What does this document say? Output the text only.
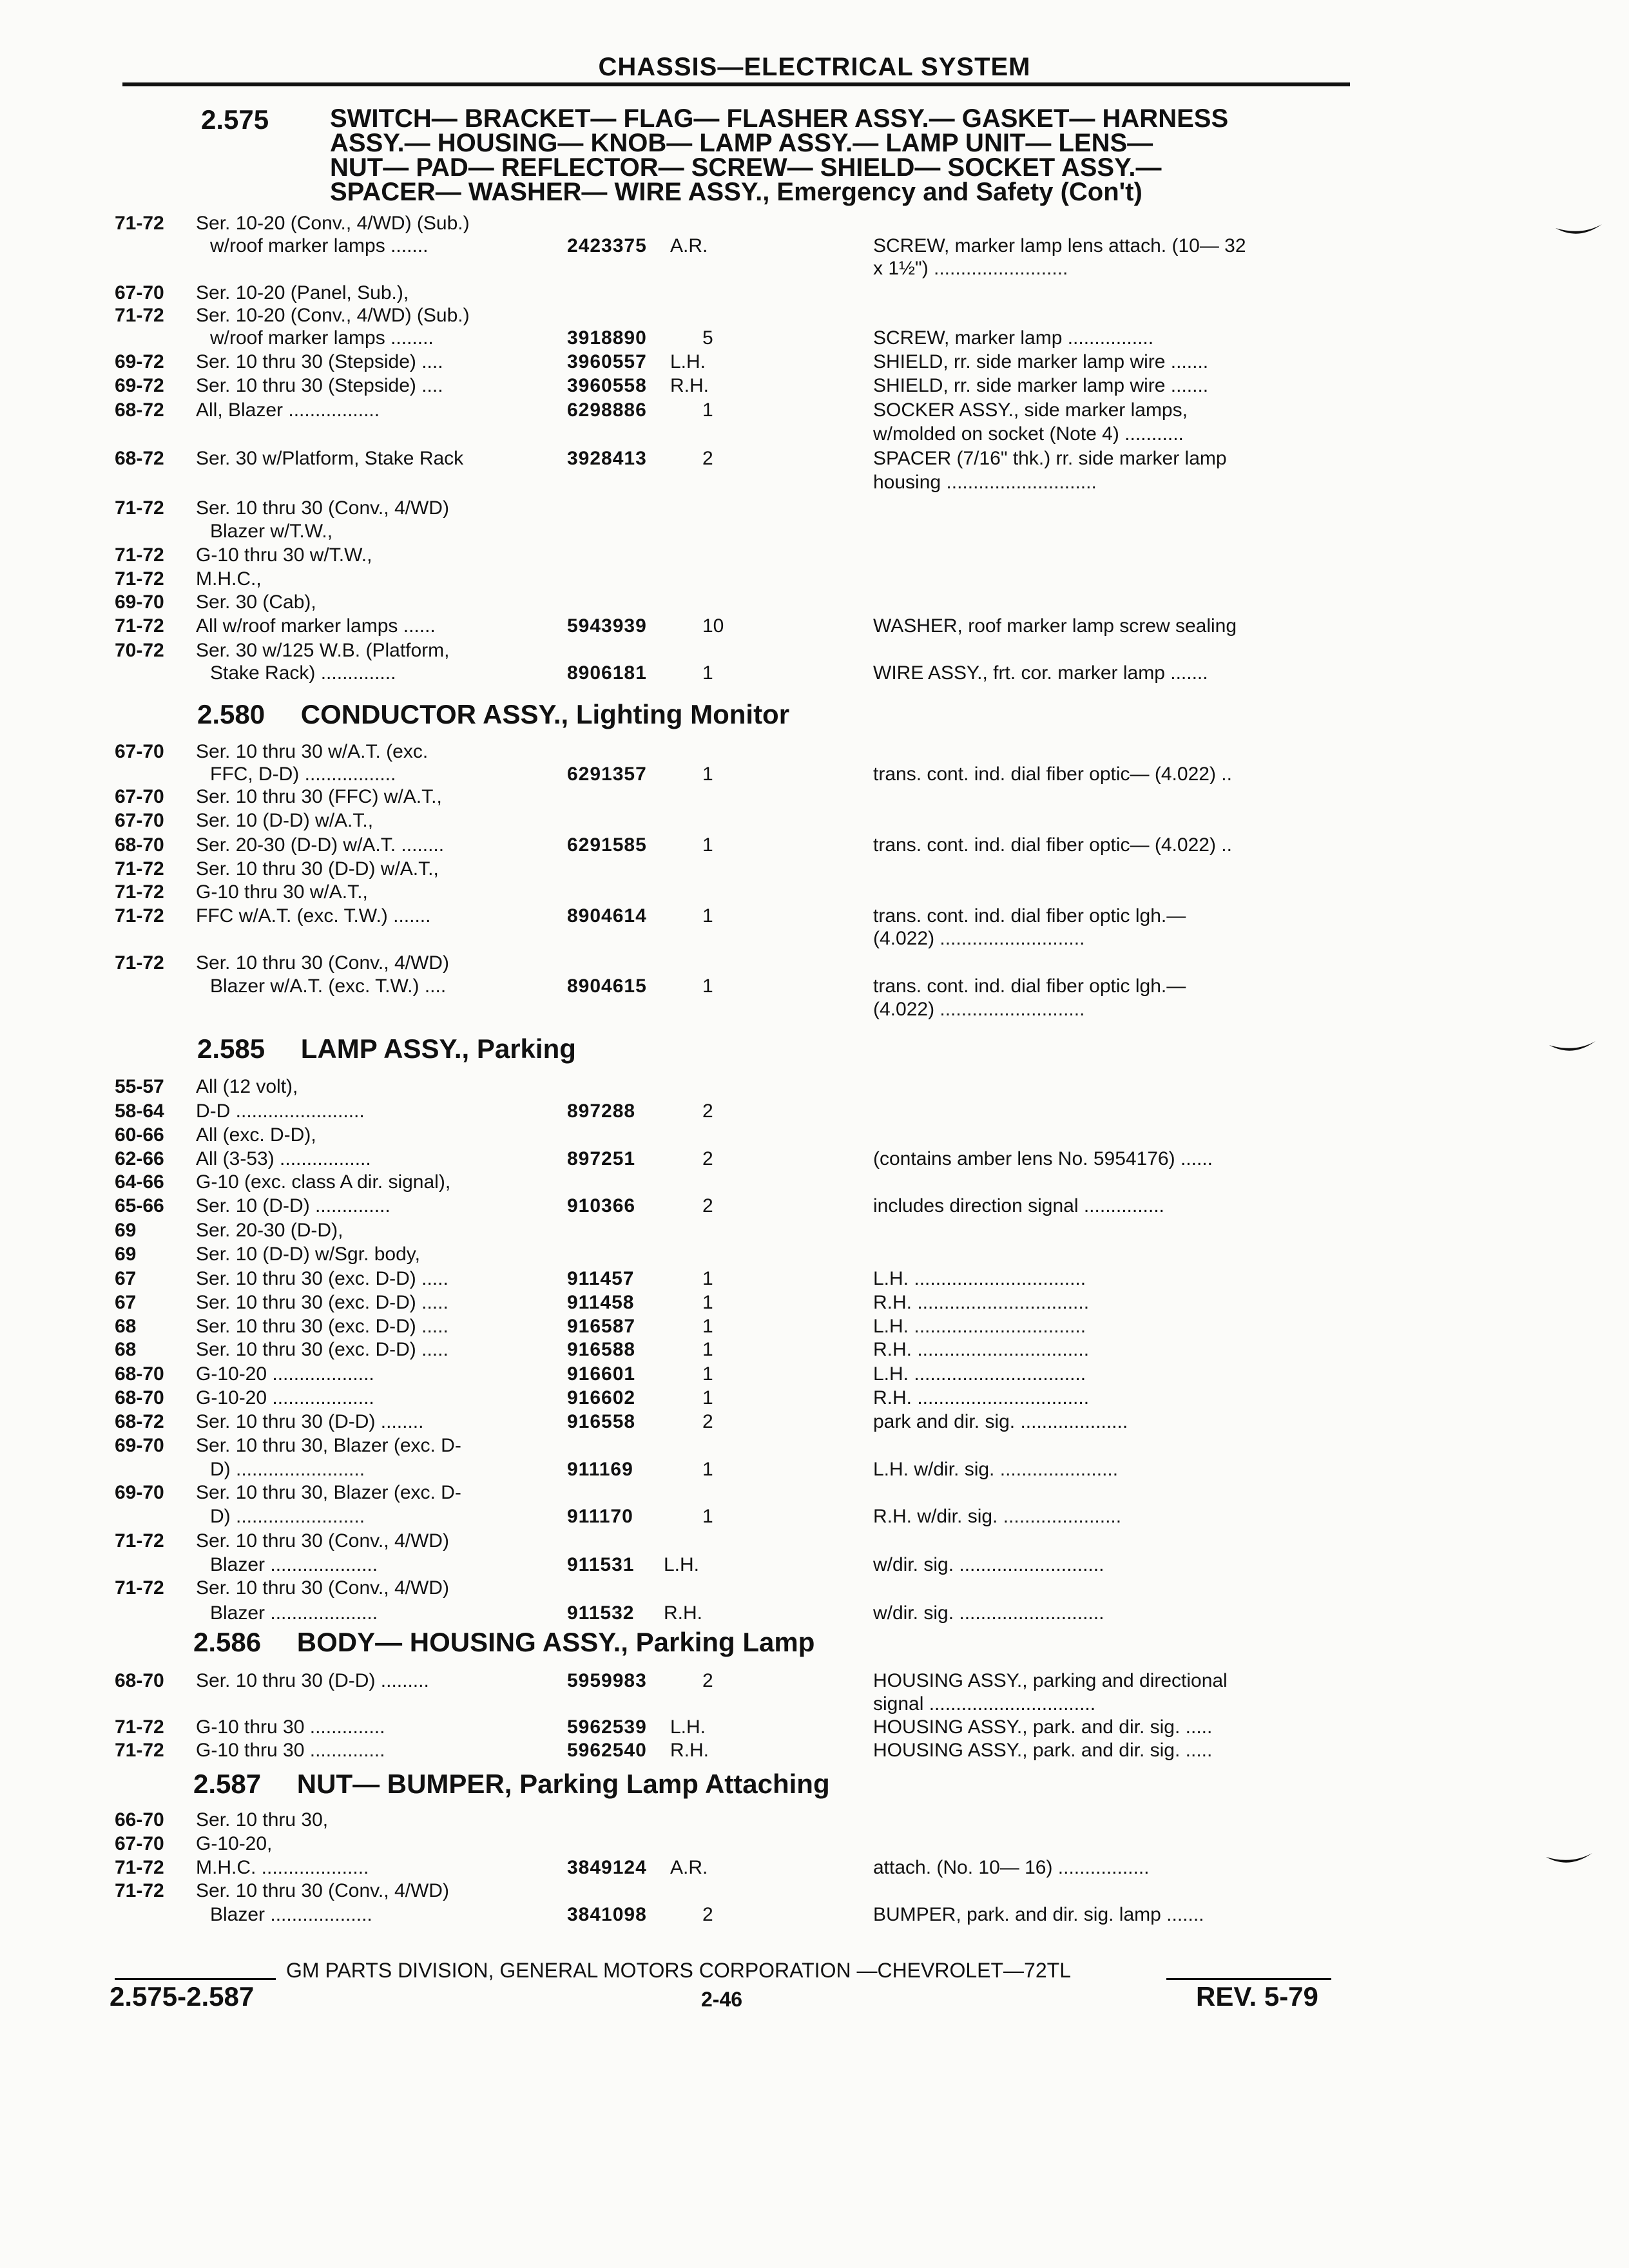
CHASSIS—ELECTRICAL SYSTEM
2.575 SWITCH— BRACKET— FLAG— FLASHER ASSY.— GASKET— HARNESS
ASSY.— HOUSING— KNOB— LAMP ASSY.— LAMP UNIT— LENS—
NUT— PAD— REFLECTOR— SCREW— SHIELD— SOCKET ASSY.—
SPACER— WASHER— WIRE ASSY., Emergency and Safety (Con't)
71-72 Ser. 10-20 (Conv., 4/WD) (Sub.)
w/roof marker lamps .......	2423375 A.R.	SCREW, marker lamp lens attach. (10— 32
x 1½") .........................
67-70 Ser. 10-20 (Panel, Sub.),
71-72 Ser. 10-20 (Conv., 4/WD) (Sub.)
w/roof marker lamps ........	3918890	5	SCREW, marker lamp ................
69-72 Ser. 10 thru 30 (Stepside) ....	3960557 L.H.	SHIELD, rr. side marker lamp wire .......
69-72 Ser. 10 thru 30 (Stepside) ....	3960558 R.H.	SHIELD, rr. side marker lamp wire .......
68-72 All, Blazer .................	6298886	1	SOCKER ASSY., side marker lamps,
w/molded on socket (Note 4) ...........
68-72 Ser. 30 w/Platform, Stake Rack	3928413	2	SPACER (7/16" thk.) rr. side marker lamp
housing ............................
71-72 Ser. 10 thru 30 (Conv., 4/WD)
Blazer w/T.W.,
71-72 G-10 thru 30 w/T.W.,
71-72 M.H.C.,
69-70 Ser. 30 (Cab),
71-72 All w/roof marker lamps ......	5943939	10	WASHER, roof marker lamp screw sealing
70-72 Ser. 30 w/125 W.B. (Platform,
Stake Rack) ..............	8906181	1	WIRE ASSY., frt. cor. marker lamp .......
67-70 Ser. 10 thru 30 w/A.T. (exc.
FFC, D-D) .................	6291357	1	trans. cont. ind. dial fiber optic— (4.022) ..
67-70 Ser. 10 thru 30 (FFC) w/A.T.,
67-70 Ser. 10 (D-D) w/A.T.,
68-70 Ser. 20-30 (D-D) w/A.T. ........	6291585	1	trans. cont. ind. dial fiber optic— (4.022) ..
71-72 Ser. 10 thru 30 (D-D) w/A.T.,
71-72 G-10 thru 30 w/A.T.,
71-72 FFC w/A.T. (exc. T.W.) .......	8904614	1	trans. cont. ind. dial fiber optic lgh.—
(4.022) ...........................
71-72 Ser. 10 thru 30 (Conv., 4/WD)
Blazer w/A.T. (exc. T.W.) ....	8904615	1	trans. cont. ind. dial fiber optic lgh.—
(4.022) ...........................
55-57 All (12 volt),
58-64 D-D ........................	897288	2
60-66 All (exc. D-D),
62-66 All (3-53) .................	897251	2	(contains amber lens No. 5954176) ......
64-66 G-10 (exc. class A dir. signal),
65-66 Ser. 10 (D-D) ..............	910366	2	includes direction signal ...............
69	Ser. 20-30 (D-D),
69	Ser. 10 (D-D) w/Sgr. body,
67	Ser. 10 thru 30 (exc. D-D) .....	911457	1	L.H. ................................
67	Ser. 10 thru 30 (exc. D-D) .....	911458	1	R.H. ................................
68	Ser. 10 thru 30 (exc. D-D) .....	916587	1	L.H. ................................
68	Ser. 10 thru 30 (exc. D-D) .....	916588	1	R.H. ................................
68-70 G-10-20 ...................	916601	1	L.H. ................................
68-70 G-10-20 ...................	916602	1	R.H. ................................
68-72 Ser. 10 thru 30 (D-D) ........	916558	2	park and dir. sig. ....................
69-70 Ser. 10 thru 30, Blazer (exc. D-
D) ........................	911169	1	L.H. w/dir. sig. ......................
69-70 Ser. 10 thru 30, Blazer (exc. D-
D) ........................	911170	1	R.H. w/dir. sig. ......................
71-72 Ser. 10 thru 30 (Conv., 4/WD)
Blazer ....................	911531 L.H.	w/dir. sig. ...........................
71-72 Ser. 10 thru 30 (Conv., 4/WD)
Blazer ....................	911532 R.H.	w/dir. sig. ...........................
68-70 Ser. 10 thru 30 (D-D) .........	5959983	2	HOUSING ASSY., parking and directional
signal ...............................
71-72 G-10 thru 30 ..............	5962539 L.H.	HOUSING ASSY., park. and dir. sig. .....
71-72 G-10 thru 30 ..............	5962540 R.H.	HOUSING ASSY., park. and dir. sig. .....
66-70 Ser. 10 thru 30,
67-70 G-10-20,
71-72 M.H.C. ....................	3849124 A.R.	attach. (No. 10— 16) .................
71-72 Ser. 10 thru 30 (Conv., 4/WD)
Blazer ...................	3841098	2	BUMPER, park. and dir. sig. lamp .......
2.580 CONDUCTOR ASSY., Lighting Monitor
2.585 LAMP ASSY., Parking
2.586 BODY— HOUSING ASSY., Parking Lamp
2.587 NUT— BUMPER, Parking Lamp Attaching
GM PARTS DIVISION, GENERAL MOTORS CORPORATION —CHEVROLET—72TL
2.575-2.587	2-46	REV. 5-79
